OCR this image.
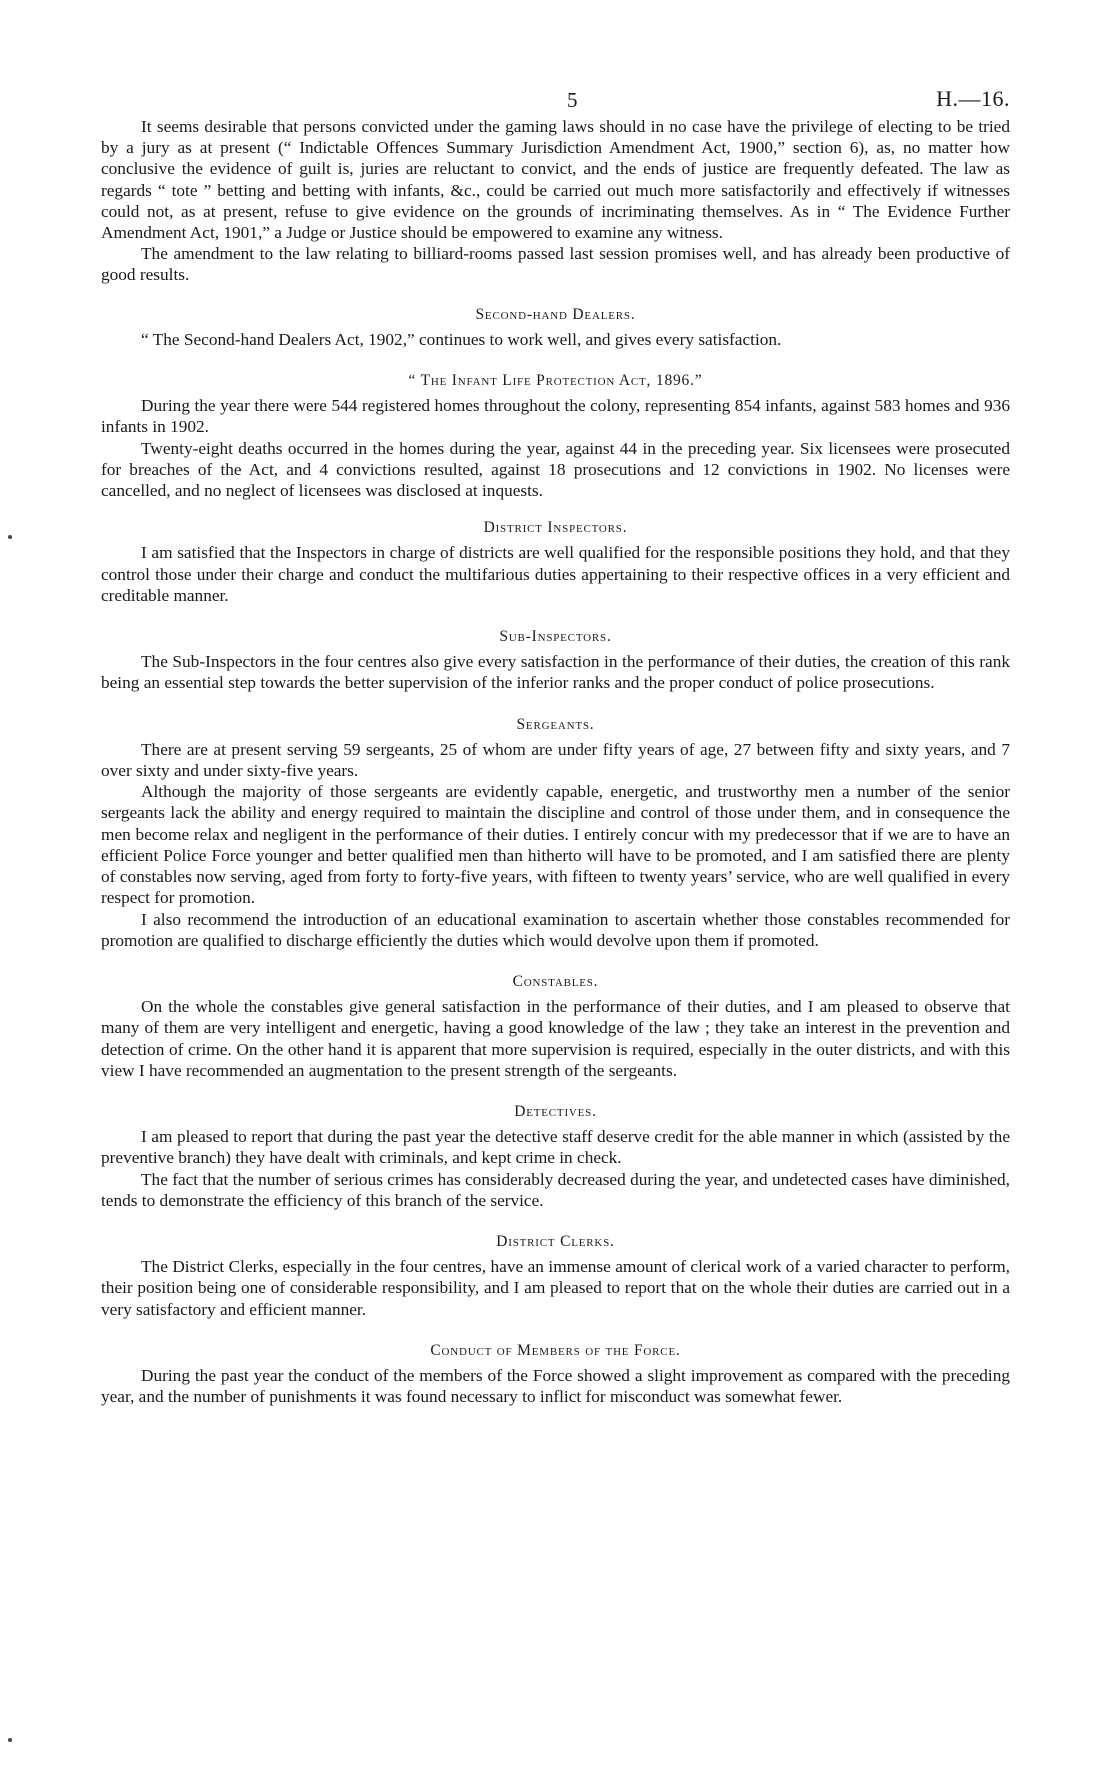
5	H.—16.

It seems desirable that persons convicted under the gaming laws should in no case have the privilege of electing to be tried by a jury as at present (“ Indictable Offences Summary Jurisdiction Amendment Act, 1900,” section 6), as, no matter how conclusive the evidence of guilt is, juries are reluctant to convict, and the ends of justice are frequently defeated. The law as regards “ tote ” betting and betting with infants, &c., could be carried out much more satisfactorily and effectively if witnesses could not, as at present, refuse to give evidence on the grounds of incriminating themselves. As in “ The Evidence Further Amendment Act, 1901,” a Judge or Justice should be empowered to examine any witness.

The amendment to the law relating to billiard-rooms passed last session promises well, and has already been productive of good results.

Second-hand Dealers.

“ The Second-hand Dealers Act, 1902,” continues to work well, and gives every satisfaction.

“ The Infant Life Protection Act, 1896.”

During the year there were 544 registered homes throughout the colony, representing 854 infants, against 583 homes and 936 infants in 1902.

Twenty-eight deaths occurred in the homes during the year, against 44 in the preceding year. Six licensees were prosecuted for breaches of the Act, and 4 convictions resulted, against 18 prosecutions and 12 convictions in 1902. No licenses were cancelled, and no neglect of licensees was disclosed at inquests.

District Inspectors.

I am satisfied that the Inspectors in charge of districts are well qualified for the responsible positions they hold, and that they control those under their charge and conduct the multifarious duties appertaining to their respective offices in a very efficient and creditable manner.

Sub-Inspectors.

The Sub-Inspectors in the four centres also give every satisfaction in the performance of their duties, the creation of this rank being an essential step towards the better supervision of the inferior ranks and the proper conduct of police prosecutions.

Sergeants.

There are at present serving 59 sergeants, 25 of whom are under fifty years of age, 27 between fifty and sixty years, and 7 over sixty and under sixty-five years.

Although the majority of those sergeants are evidently capable, energetic, and trustworthy men a number of the senior sergeants lack the ability and energy required to maintain the discipline and control of those under them, and in consequence the men become relax and negligent in the performance of their duties. I entirely concur with my predecessor that if we are to have an efficient Police Force younger and better qualified men than hitherto will have to be promoted, and I am satisfied there are plenty of constables now serving, aged from forty to forty-five years, with fifteen to twenty years’ service, who are well qualified in every respect for promotion.

I also recommend the introduction of an educational examination to ascertain whether those constables recommended for promotion are qualified to discharge efficiently the duties which would devolve upon them if promoted.

Constables.

On the whole the constables give general satisfaction in the performance of their duties, and I am pleased to observe that many of them are very intelligent and energetic, having a good knowledge of the law ; they take an interest in the prevention and detection of crime. On the other hand it is apparent that more supervision is required, especially in the outer districts, and with this view I have recommended an augmentation to the present strength of the sergeants.

Detectives.

I am pleased to report that during the past year the detective staff deserve credit for the able manner in which (assisted by the preventive branch) they have dealt with criminals, and kept crime in check.

The fact that the number of serious crimes has considerably decreased during the year, and undetected cases have diminished, tends to demonstrate the efficiency of this branch of the service.

District Clerks.

The District Clerks, especially in the four centres, have an immense amount of clerical work of a varied character to perform, their position being one of considerable responsibility, and I am pleased to report that on the whole their duties are carried out in a very satisfactory and efficient manner.

Conduct of Members of the Force.

During the past year the conduct of the members of the Force showed a slight improvement as compared with the preceding year, and the number of punishments it was found necessary to inflict for misconduct was somewhat fewer.
